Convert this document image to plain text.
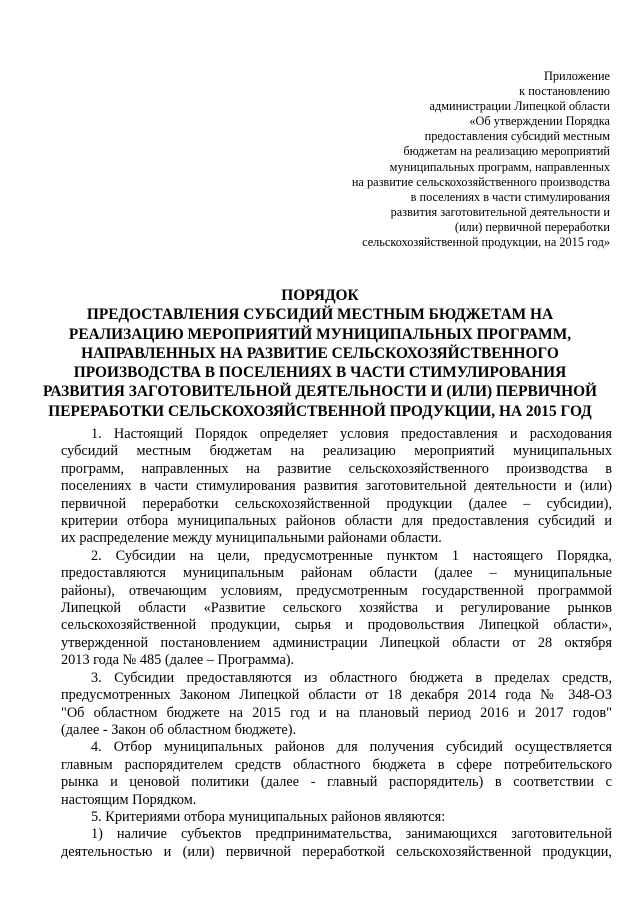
Приложение
к постановлению
администрации Липецкой области
«Об утверждении Порядка
предоставления субсидий местным
бюджетам на реализацию мероприятий
муниципальных программ, направленных
на развитие сельскохозяйственного производства
в поселениях в части стимулирования
развития заготовительной деятельности и
(или) первичной переработки
сельскохозяйственной продукции, на 2015 год»
ПОРЯДОК
ПРЕДОСТАВЛЕНИЯ СУБСИДИЙ МЕСТНЫМ БЮДЖЕТАМ НА
РЕАЛИЗАЦИЮ МЕРОПРИЯТИЙ МУНИЦИПАЛЬНЫХ ПРОГРАММ,
НАПРАВЛЕННЫХ НА РАЗВИТИЕ СЕЛЬСКОХОЗЯЙСТВЕННОГО
ПРОИЗВОДСТВА В ПОСЕЛЕНИЯХ В ЧАСТИ СТИМУЛИРОВАНИЯ
РАЗВИТИЯ ЗАГОТОВИТЕЛЬНОЙ ДЕЯТЕЛЬНОСТИ И (ИЛИ) ПЕРВИЧНОЙ
ПЕРЕРАБОТКИ СЕЛЬСКОХОЗЯЙСТВЕННОЙ ПРОДУКЦИИ, НА 2015 ГОД
1. Настоящий Порядок определяет условия предоставления и расходования
субсидий местным бюджетам на реализацию мероприятий муниципальных
программ, направленных на развитие сельскохозяйственного производства в
поселениях в части стимулирования развития заготовительной деятельности и (или)
первичной переработки сельскохозяйственной продукции (далее – субсидии),
критерии отбора муниципальных районов области для предоставления субсидий и
их распределение между муниципальными районами области.
2. Субсидии на цели, предусмотренные пунктом 1 настоящего Порядка,
предоставляются муниципальным районам области (далее – муниципальные
районы), отвечающим условиям, предусмотренным государственной программой
Липецкой области «Развитие сельского хозяйства и регулирование рынков
сельскохозяйственной продукции, сырья и продовольствия Липецкой области»,
утвержденной постановлением администрации Липецкой области от 28 октября
2013 года № 485 (далее – Программа).
3. Субсидии предоставляются из областного бюджета в пределах средств,
предусмотренных Законом Липецкой области от 18 декабря 2014 года № 348-ОЗ
"Об областном бюджете на 2015 год и на плановый период 2016 и 2017 годов"
(далее - Закон об областном бюджете).
4. Отбор муниципальных районов для получения субсидий осуществляется
главным распорядителем средств областного бюджета в сфере потребительского
рынка и ценовой политики (далее - главный распорядитель) в соответствии с
настоящим Порядком.
5. Критериями отбора муниципальных районов являются:
1) наличие субъектов предпринимательства, занимающихся заготовительной
деятельностью и (или) первичной переработкой сельскохозяйственной продукции,
